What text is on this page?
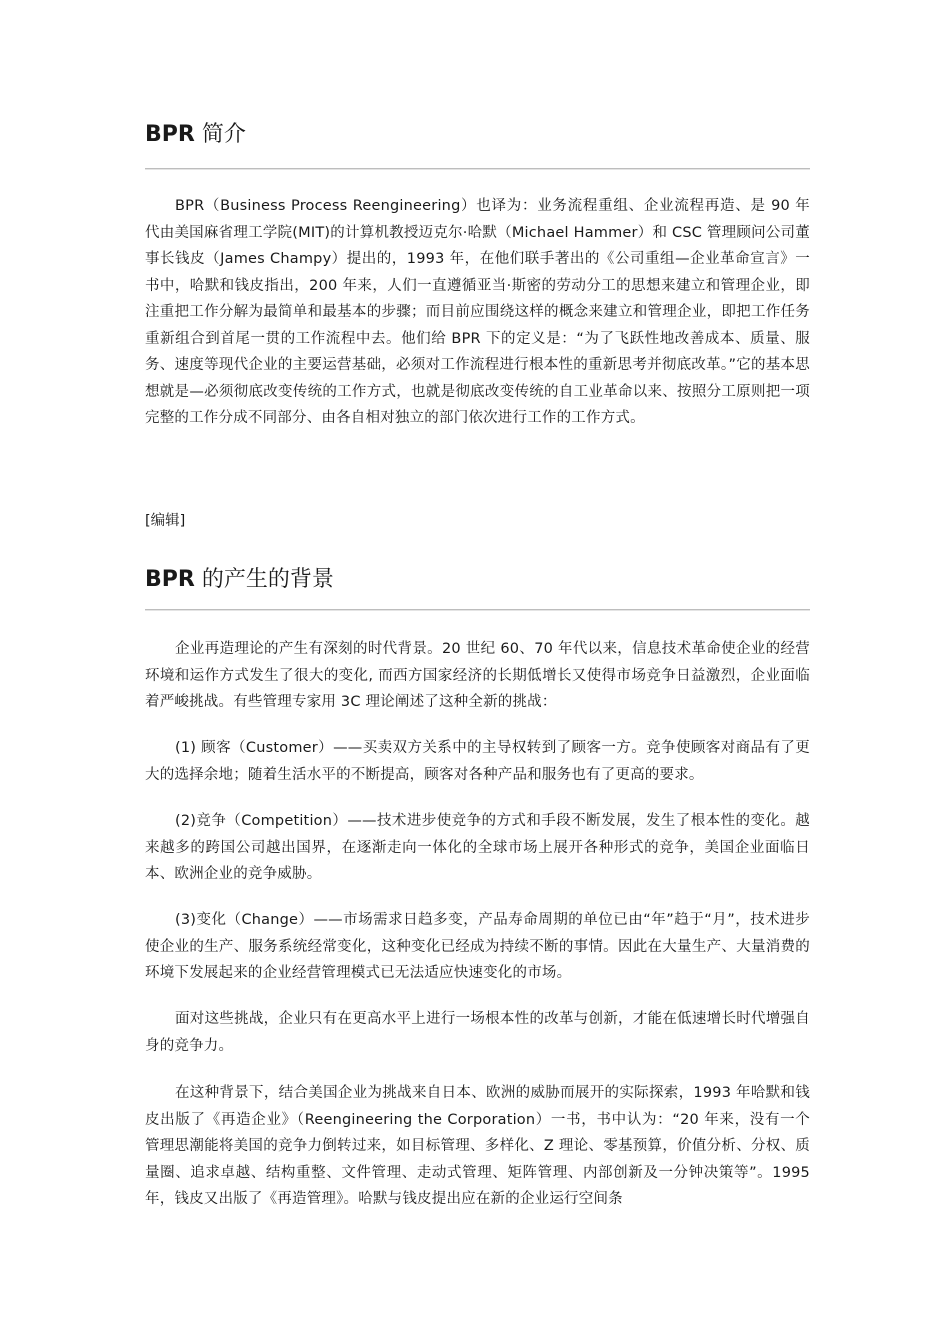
BPR 简介

BPR（Business Process Reengineering）也译为：业务流程重组、企业流程再造、是 90 年代由美国麻省理工学院(MIT)的计算机教授迈克尔·哈默（Michael Hammer）和 CSC 管理顾问公司董事长钱皮（James Champy）提出的，1993 年，在他们联手著出的《公司重组—企业革命宣言》一书中，哈默和钱皮指出，200 年来，人们一直遵循亚当·斯密的劳动分工的思想来建立和管理企业，即注重把工作分解为最简单和最基本的步骤；而目前应围绕这样的概念来建立和管理企业，即把工作任务重新组合到首尾一贯的工作流程中去。他们给 BPR 下的定义是：“为了飞跃性地改善成本、质量、服务、速度等现代企业的主要运营基础，必须对工作流程进行根本性的重新思考并彻底改革。”它的基本思想就是—必须彻底改变传统的工作方式，也就是彻底改变传统的自工业革命以来、按照分工原则把一项完整的工作分成不同部分、由各自相对独立的部门依次进行工作的工作方式。

[编辑]
BPR 的产生的背景

企业再造理论的产生有深刻的时代背景。20 世纪 60、70 年代以来，信息技术革命使企业的经营环境和运作方式发生了很大的变化, 而西方国家经济的长期低增长又使得市场竞争日益激烈，企业面临着严峻挑战。有些管理专家用 3C 理论阐述了这种全新的挑战：

(1) 顾客（Customer）——买卖双方关系中的主导权转到了顾客一方。竞争使顾客对商品有了更大的选择余地；随着生活水平的不断提高，顾客对各种产品和服务也有了更高的要求。

(2)竞争（Competition）——技术进步使竞争的方式和手段不断发展，发生了根本性的变化。越来越多的跨国公司越出国界，在逐渐走向一体化的全球市场上展开各种形式的竞争，美国企业面临日本、欧洲企业的竞争威胁。

(3)变化（Change）——市场需求日趋多变，产品寿命周期的单位已由“年”趋于“月”，技术进步使企业的生产、服务系统经常变化，这种变化已经成为持续不断的事情。因此在大量生产、大量消费的环境下发展起来的企业经营管理模式已无法适应快速变化的市场。

面对这些挑战，企业只有在更高水平上进行一场根本性的改革与创新，才能在低速增长时代增强自身的竞争力。

在这种背景下，结合美国企业为挑战来自日本、欧洲的威胁而展开的实际探索，1993 年哈默和钱皮出版了《再造企业》（Reengineering the Corporation）一书，书中认为：“20 年来，没有一个管理思潮能将美国的竞争力倒转过来，如目标管理、多样化、Z 理论、零基预算，价值分析、分权、质量圈、追求卓越、结构重整、文件管理、走动式管理、矩阵管理、内部创新及一分钟决策等”。1995 年，钱皮又出版了《再造管理》。哈默与钱皮提出应在新的企业运行空间条
